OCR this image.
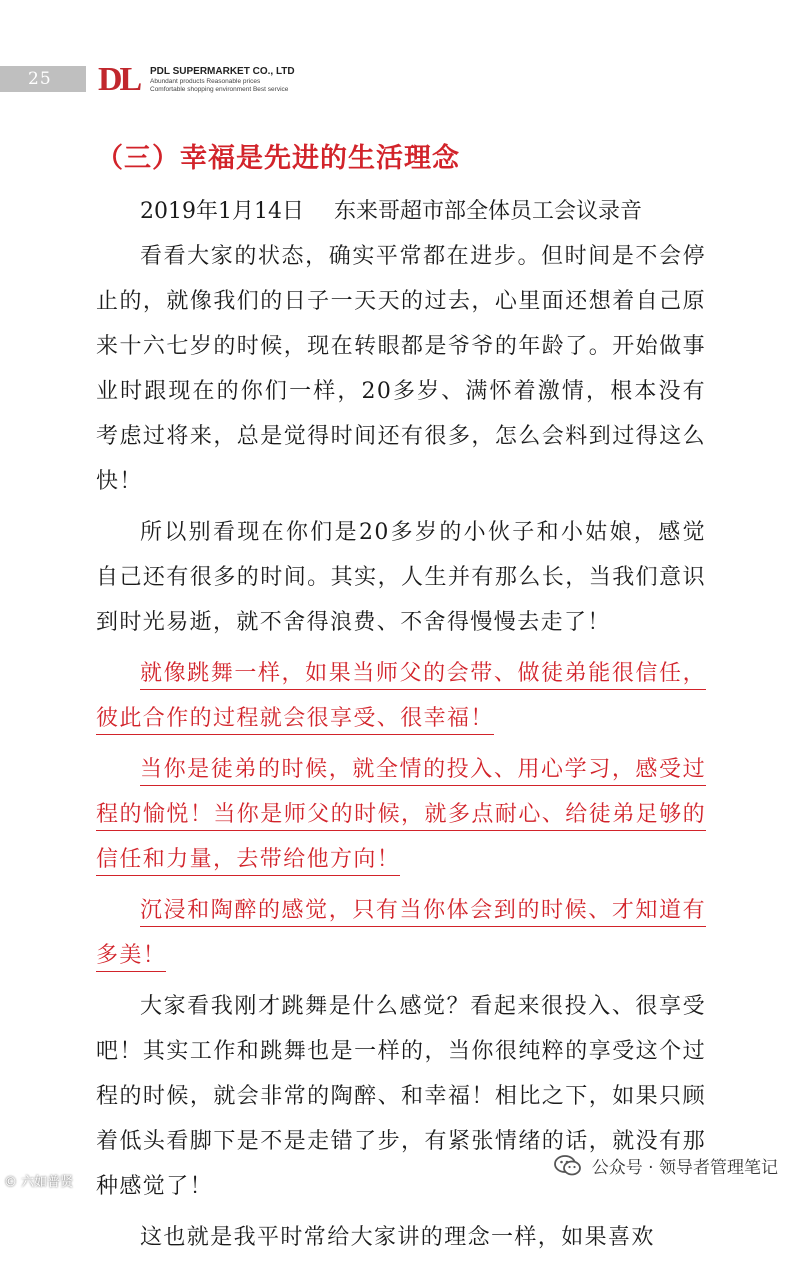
25 DL	PDL SUPERMARKET CO., LTD
Abundant products Reasonable prices
Comfortable shopping environment Best service
（三）幸福是先进的生活理念
2019年1月14日 东来哥超市部全体员工会议录音

看看大家的状态，确实平常都在进步。但时间是不会停止的，就像我们的日子一天天的过去，心里面还想着自己原来十六七岁的时候，现在转眼都是爷爷的年龄了。开始做事业时跟现在的你们一样，20多岁、满怀着激情，根本没有考虑过将来，总是觉得时间还有很多，怎么会料到过得这么快！

所以别看现在你们是20多岁的小伙子和小姑娘，感觉自己还有很多的时间。其实，人生并有那么长，当我们意识到时光易逝，就不舍得浪费、不舍得慢慢去走了！

就像跳舞一样，如果当师父的会带、做徒弟能很信任，彼此合作的过程就会很享受、很幸福！

当你是徒弟的时候，就全情的投入、用心学习，感受过程的愉悦！当你是师父的时候，就多点耐心、给徒弟足够的信任和力量，去带给他方向！

沉浸和陶醉的感觉，只有当你体会到的时候、才知道有多美！

大家看我刚才跳舞是什么感觉？看起来很投入、很享受吧！其实工作和跳舞也是一样的，当你很纯粹的享受这个过程的时候，就会非常的陶醉、和幸福！相比之下，如果只顾着低头看脚下是不是走错了步，有紧张情绪的话，就没有那种感觉了！

这也就是我平时常给大家讲的理念一样，如果喜欢

© 六如普贤
公众号 · 领导者管理笔记
